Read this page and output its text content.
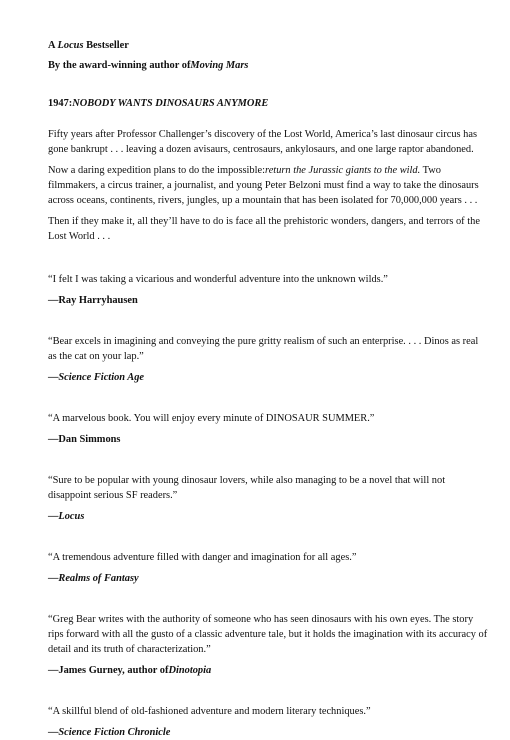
A Locus Bestseller
By the award-winning author ofMoving Mars
1947:NOBODY WANTS DINOSAURS ANYMORE

Fifty years after Professor Challenger’s discovery of the Lost World, America’s last dinosaur circus has gone bankrupt . . . leaving a dozen avisaurs, centrosaurs, ankylosaurs, and one large raptor abandoned.

Now a daring expedition plans to do the impossible:return the Jurassic giants to the wild. Two filmmakers, a circus trainer, a journalist, and young Peter Belzoni must find a way to take the dinosaurs across oceans, continents, rivers, jungles, up a mountain that has been isolated for 70,000,000 years . . .

Then if they make it, all they’ll have to do is face all the prehistoric wonders, dangers, and terrors of the Lost World . . .

“I felt I was taking a vicarious and wonderful adventure into the unknown wilds.”

—Ray Harryhausen

“Bear excels in imagining and conveying the pure gritty realism of such an enterprise. . . . Dinos as real as the cat on your lap.”

—Science Fiction Age

“A marvelous book. You will enjoy every minute of DINOSAUR SUMMER.”

—Dan Simmons

“Sure to be popular with young dinosaur lovers, while also managing to be a novel that will not disappoint serious SF readers.”

—Locus

“A tremendous adventure filled with danger and imagination for all ages.”

—Realms of Fantasy

“Greg Bear writes with the authority of someone who has seen dinosaurs with his own eyes. The story rips forward with all the gusto of a classic adventure tale, but it holds the imagination with its accuracy of detail and its truth of characterization.”

—James Gurney, author ofDinotopia

“A skillful blend of old-fashioned adventure and modern literary techniques.”

—Science Fiction Chronicle
